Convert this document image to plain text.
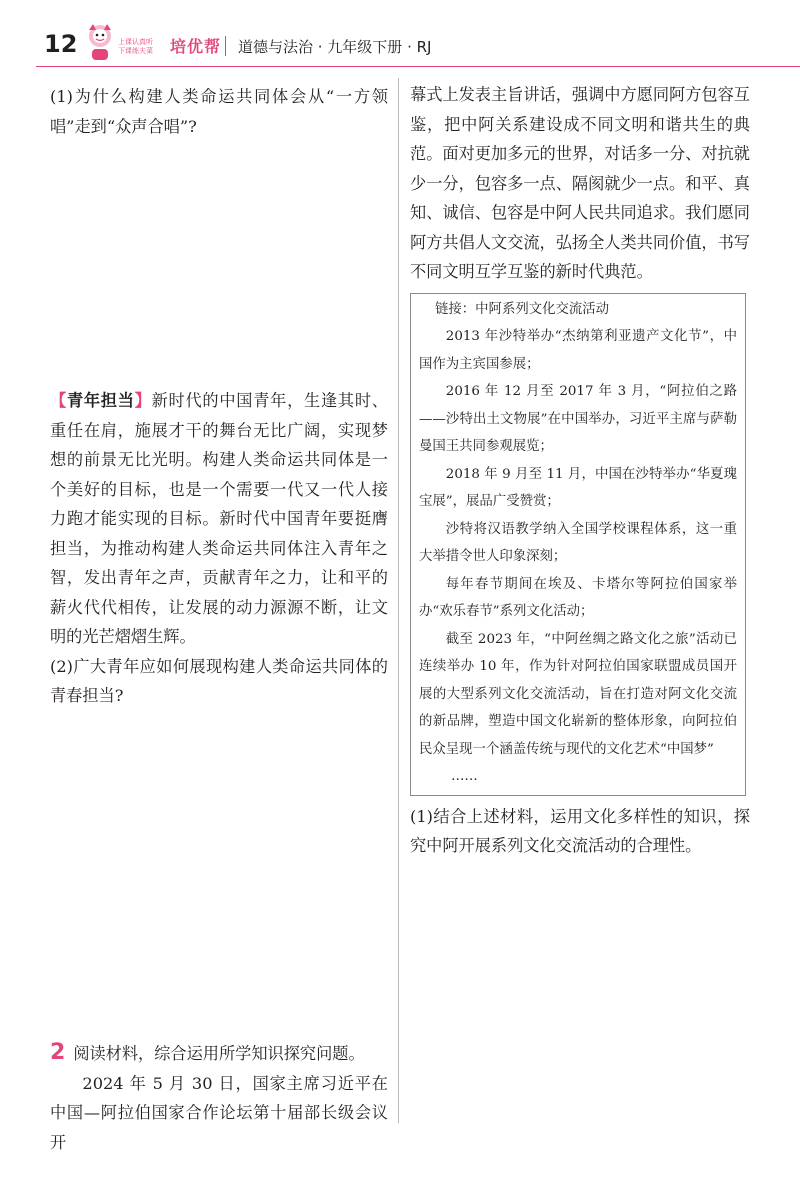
12	上课认真听
下课练夫菜 培优帮 道德与法治 · 九年级下册 · RJ

(1)为什么构建人类命运共同体会从“一方领唱”走到“众声合唱”?

【青年担当】新时代的中国青年，生逢其时、重任在肩，施展才干的舞台无比广阔，实现梦想的前景无比光明。构建人类命运共同体是一个美好的目标，也是一个需要一代又一代人接力跑才能实现的目标。新时代中国青年要挺膺担当，为推动构建人类命运共同体注入青年之智，发出青年之声，贡献青年之力，让和平的薪火代代相传，让发展的动力源源不断，让文明的光芒熠熠生辉。

(2)广大青年应如何展现构建人类命运共同体的青春担当?

2 阅读材料，综合运用所学知识探究问题。

2024 年 5 月 30 日，国家主席习近平在中国—阿拉伯国家合作论坛第十届部长级会议开

幕式上发表主旨讲话，强调中方愿同阿方包容互鉴，把中阿关系建设成不同文明和谐共生的典范。面对更加多元的世界，对话多一分、对抗就少一分，包容多一点、隔阂就少一点。和平、真知、诚信、包容是中阿人民共同追求。我们愿同阿方共倡人文交流，弘扬全人类共同价值，书写不同文明互学互鉴的新时代典范。

链接：中阿系列文化交流活动

2013 年沙特举办“杰纳第利亚遗产文化节”，中国作为主宾国参展；

2016 年 12 月至 2017 年 3 月，“阿拉伯之路——沙特出土文物展”在中国举办，习近平主席与萨勒曼国王共同参观展览；

2018 年 9 月至 11 月，中国在沙特举办“华夏瑰宝展”，展品广受赞赏；

沙特将汉语教学纳入全国学校课程体系，这一重大举措令世人印象深刻；

每年春节期间在埃及、卡塔尔等阿拉伯国家举办“欢乐春节”系列文化活动；

截至 2023 年，“中阿丝绸之路文化之旅”活动已连续举办 10 年，作为针对阿拉伯国家联盟成员国开展的大型系列文化交流活动，旨在打造对阿文化交流的新品牌，塑造中国文化崭新的整体形象，向阿拉伯民众呈现一个涵盖传统与现代的文化艺术“中国梦”

……

(1)结合上述材料，运用文化多样性的知识，探究中阿开展系列文化交流活动的合理性。
